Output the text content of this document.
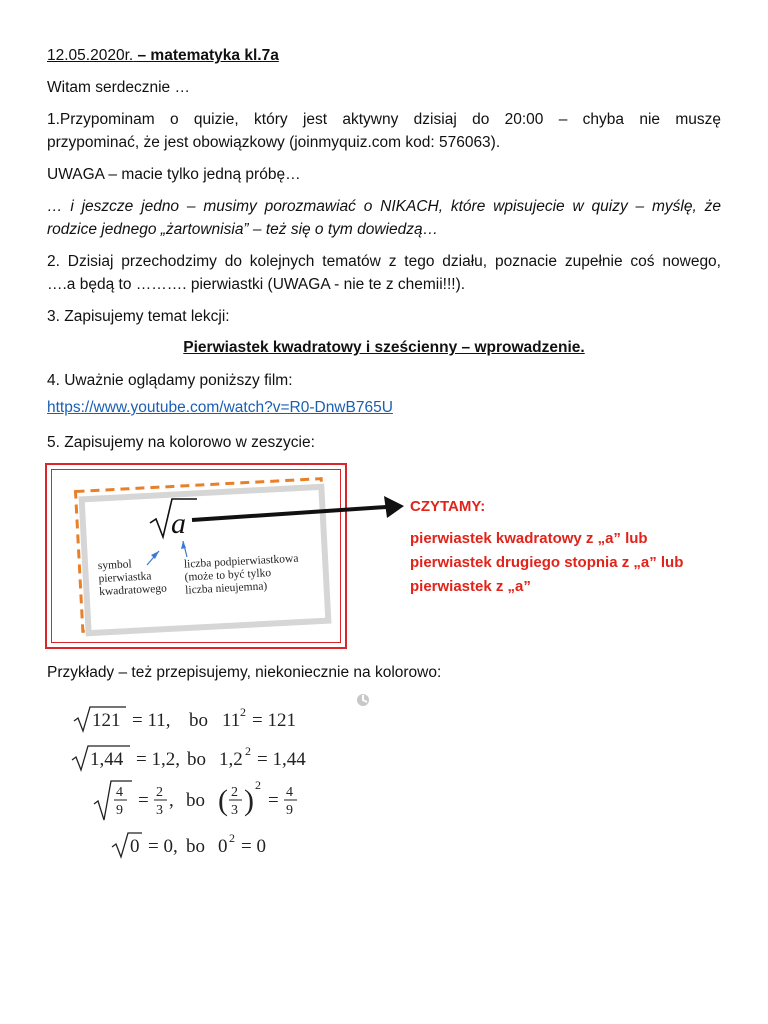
12.05.2020r. – matematyka kl.7a
Witam serdecznie …
1.Przypominam o quizie, który jest aktywny dzisiaj do 20:00 – chyba nie muszę
przypominać, że jest obowiązkowy (joinmyquiz.com kod: 576063).
UWAGA – macie tylko jedną próbę…
… i jeszcze jedno – musimy porozmawiać o NIKACH, które wpisujecie w quizy – myślę, że
rodzice jednego „żartownisia” – też się o tym dowiedzą…
2. Dzisiaj przechodzimy do kolejnych tematów z tego działu, poznacie zupełnie coś nowego,
….a będą to ………. pierwiastki (UWAGA - nie te z chemii!!!).
3. Zapisujemy temat lekcji:
Pierwiastek kwadratowy i sześcienny – wprowadzenie.
4. Uważnie oglądamy poniższy film:
https://www.youtube.com/watch?v=R0-DnwB765U
5. Zapisujemy na kolorowo w zeszycie:
a
symbol
pierwiastka
kwadratowego
liczba podpierwiastkowa
(może to być tylko
liczba nieujemna)
CZYTAMY:
pierwiastek kwadratowy z „a” lub
pierwiastek drugiego stopnia z „a” lub
pierwiastek z „a”
Przykłady – też przepisujemy, niekoniecznie na kolorowo:
121 = 11, bo 11 2 = 121
1,44 = 1,2, bo 1,2 2 = 1,44
4
9 = 2
3 , bo ( 2
3 ) 2
= 4
9
0 = 0, bo 0 2 = 0
